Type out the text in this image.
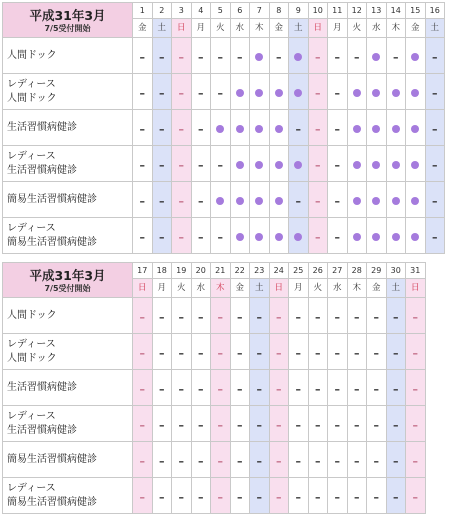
平成31年3月
7/5受付開始	1	2	3	4	5	6	7	8	9	10	11	12	13	14	15	16
	金	土	日	月	火	水	木	金	土	日	月	火	水	木	金	土
人間ドック	–	–	–	–	–	–		–		–	–	–		–		–
レディース
人間ドック	–	–	–	–	–					–	–					–
生活習慣病健診	–	–	–	–					–	–	–					–
レディース
生活習慣病健診	–	–	–	–	–					–	–					–
簡易生活習慣病健診	–	–	–	–					–	–	–					–
レディース
簡易生活習慣病健診	–	–	–	–	–					–	–					–
平成31年3月
7/5受付開始	17	18	19	20	21	22	23	24	25	26	27	28	29	30	31
	日	月	火	水	木	金	土	日	月	火	水	木	金	土	日
人間ドック	–	–	–	–	–	–	–	–	–	–	–	–	–	–	–
レディース
人間ドック	–	–	–	–	–	–	–	–	–	–	–	–	–	–	–
生活習慣病健診	–	–	–	–	–	–	–	–	–	–	–	–	–	–	–
レディース
生活習慣病健診	–	–	–	–	–	–	–	–	–	–	–	–	–	–	–
簡易生活習慣病健診	–	–	–	–	–	–	–	–	–	–	–	–	–	–	–
レディース
簡易生活習慣病健診	–	–	–	–	–	–	–	–	–	–	–	–	–	–	–
